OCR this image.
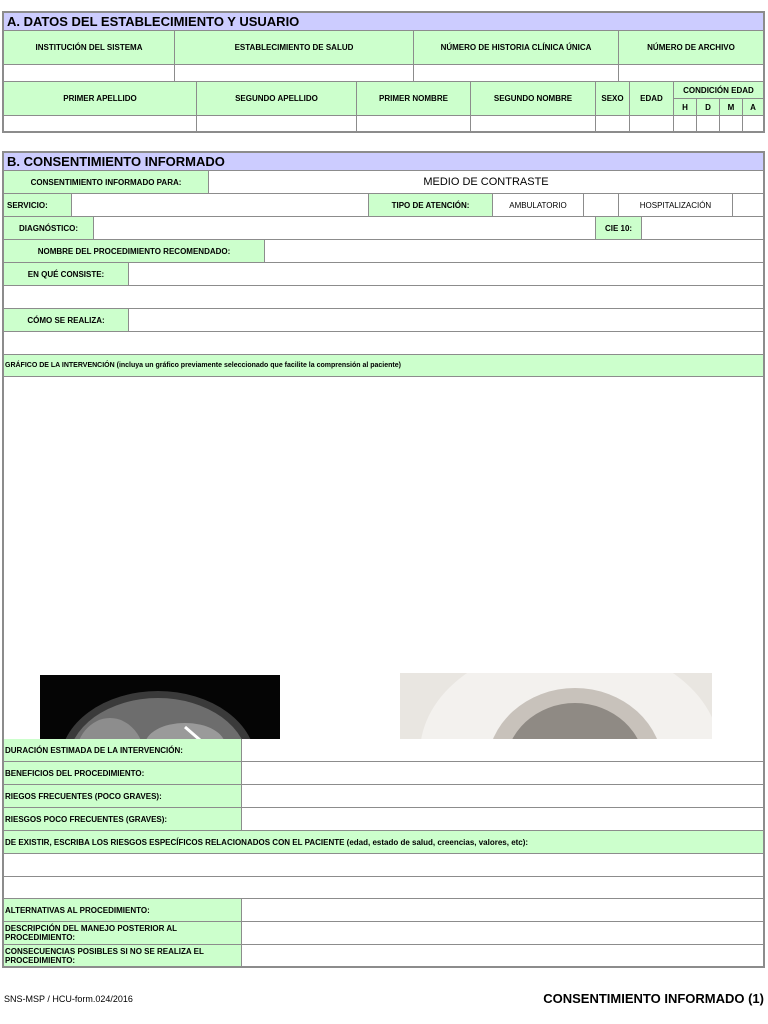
A. DATOS DEL ESTABLECIMIENTO Y USUARIO
INSTITUCIÓN DEL SISTEMA	ESTABLECIMIENTO DE SALUD	NÚMERO DE HISTORIA CLÍNICA ÚNICA	NÚMERO DE ARCHIVO
PRIMER APELLIDO	SEGUNDO APELLIDO	PRIMER NOMBRE	SEGUNDO NOMBRE	SEXO	EDAD
CONDICIÓN EDAD
H	D	M	A
B. CONSENTIMIENTO INFORMADO
CONSENTIMIENTO INFORMADO PARA:	MEDIO DE CONTRASTE
SERVICIO:	TIPO DE ATENCIÓN:	AMBULATORIO	HOSPITALIZACIÓN
DIAGNÓSTICO:	CIE 10:
NOMBRE DEL PROCEDIMIENTO RECOMENDADO:
EN QUÉ CONSISTE:
CÓMO SE REALIZA:
GRÁFICO DE LA INTERVENCIÓN (incluya un gráfico previamente seleccionado que facilite la comprensión al paciente)
DURACIÓN ESTIMADA DE LA INTERVENCIÓN:
BENEFICIOS DEL PROCEDIMIENTO:
RIEGOS FRECUENTES (POCO GRAVES):
RIESGOS POCO FRECUENTES (GRAVES):
DE EXISTIR, ESCRIBA LOS RIESGOS ESPECÍFICOS RELACIONADOS CON EL PACIENTE (edad, estado de salud, creencias, valores, etc):
ALTERNATIVAS AL PROCEDIMIENTO:
DESCRIPCIÓN DEL MANEJO POSTERIOR AL PROCEDIMIENTO:
CONSECUENCIAS POSIBLES SI NO SE REALIZA EL PROCEDIMIENTO:
SNS-MSP / HCU-form.024/2016	CONSENTIMIENTO INFORMADO (1)
